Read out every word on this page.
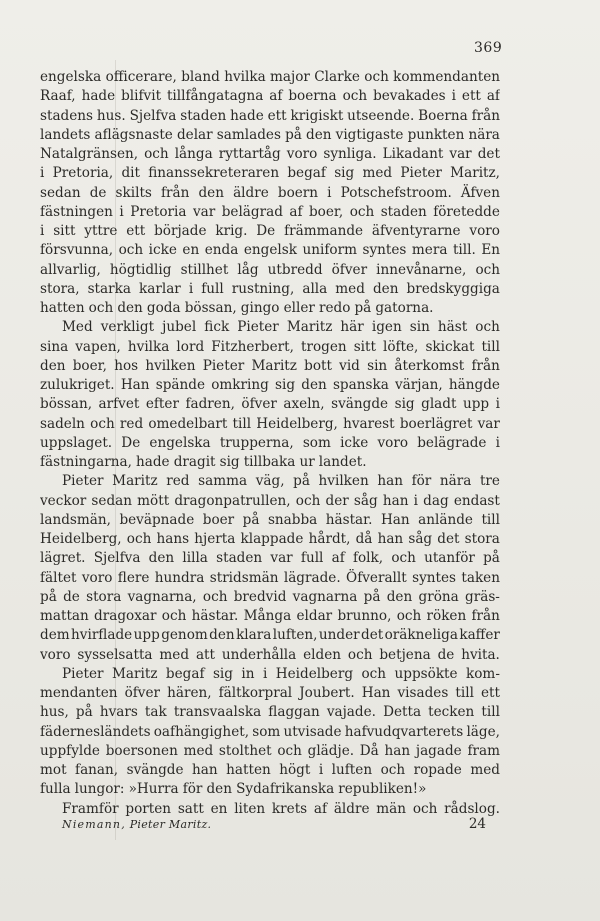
369
engelska officerare, bland hvilka major Clarke och kommendanten
Raaf, hade blifvit tillfångatagna af boerna och bevakades i ett af
stadens hus. Sjelfva staden hade ett krigiskt utseende. Boerna från
landets aflägsnaste delar samlades på den vigtigaste punkten nära
Natalgränsen, och långa ryttartåg voro synliga. Likadant var det
i Pretoria, dit finanssekreteraren begaf sig med Pieter Maritz,
sedan de skilts från den äldre boern i Potschefstroom. Äfven
fästningen i Pretoria var belägrad af boer, och staden företedde
i sitt yttre ett började krig. De främmande äfventyrarne voro
försvunna, och icke en enda engelsk uniform syntes mera till. En
allvarlig, högtidlig stillhet låg utbredd öfver innevånarne, och
stora, starka karlar i full rustning, alla med den bredskyggiga
hatten och den goda bössan, gingo eller redo på gatorna.
Med verkligt jubel fick Pieter Maritz här igen sin häst och
sina vapen, hvilka lord Fitzherbert, trogen sitt löfte, skickat till
den boer, hos hvilken Pieter Maritz bott vid sin återkomst från
zulukriget. Han spände omkring sig den spanska värjan, hängde
bössan, arfvet efter fadren, öfver axeln, svängde sig gladt upp i
sadeln och red omedelbart till Heidelberg, hvarest boerlägret var
uppslaget. De engelska trupperna, som icke voro belägrade i
fästningarna, hade dragit sig tillbaka ur landet.
Pieter Maritz red samma väg, på hvilken han för nära tre
veckor sedan mött dragonpatrullen, och der såg han i dag endast
landsmän, beväpnade boer på snabba hästar. Han anlände till
Heidelberg, och hans hjerta klappade hårdt, då han såg det stora
lägret. Sjelfva den lilla staden var full af folk, och utanför på
fältet voro flere hundra stridsmän lägrade. Öfverallt syntes taken
på de stora vagnarna, och bredvid vagnarna på den gröna gräs-
mattan dragoxar och hästar. Många eldar brunno, och röken från
dem hvirflade upp genom den klara luften, under det oräkneliga kaffer
voro sysselsatta med att underhålla elden och betjena de hvita.
Pieter Maritz begaf sig in i Heidelberg och uppsökte kom-
mendanten öfver hären, fältkorpral Joubert. Han visades till ett
hus, på hvars tak transvaalska flaggan vajade. Detta tecken till
fädernesländets oafhängighet, som utvisade hafvudqvarterets läge,
uppfylde boersonen med stolthet och glädje. Då han jagade fram
mot fanan, svängde han hatten högt i luften och ropade med
fulla lungor: »Hurra för den Sydafrikanska republiken!»
Framför porten satt en liten krets af äldre män och rådslog.
Niemann, Pieter Maritz.	24
